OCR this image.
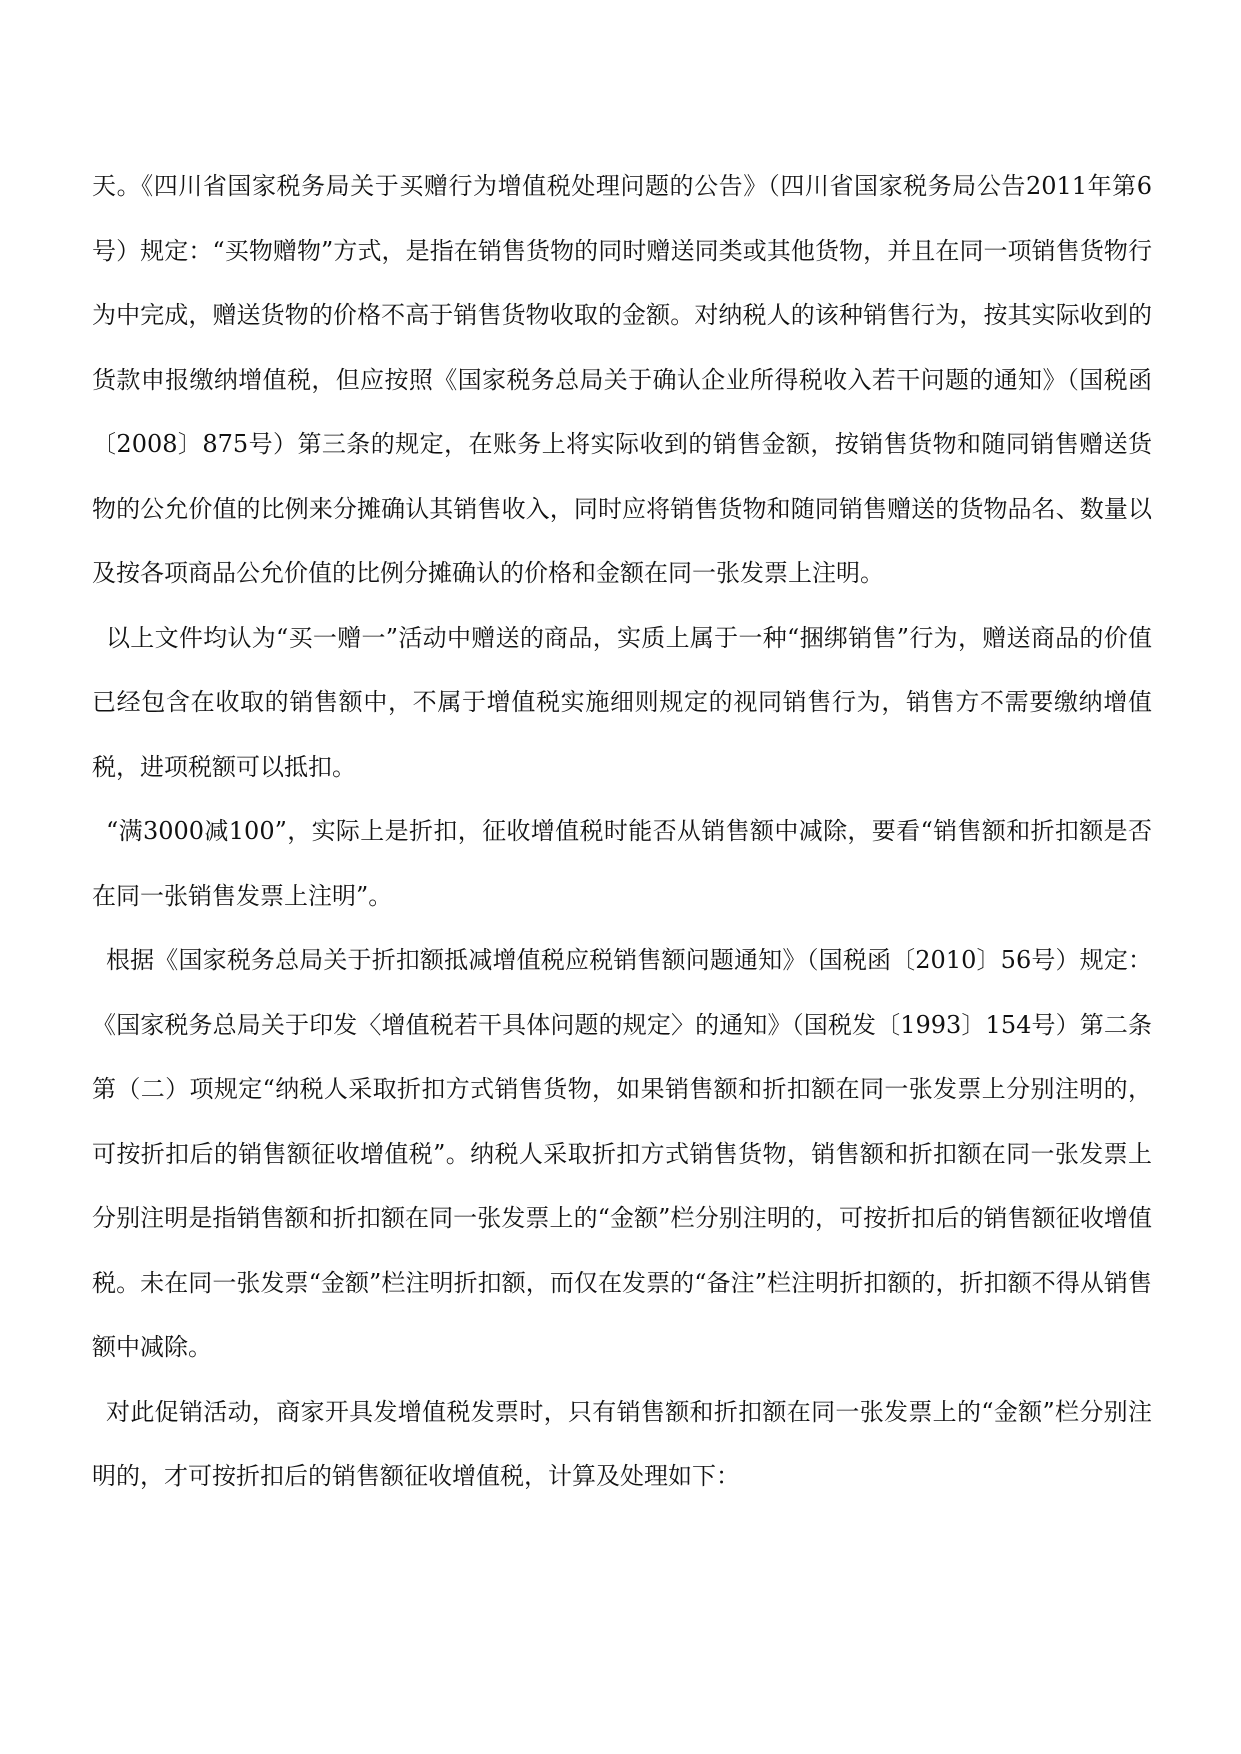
天。《四川省国家税务局关于买赠行为增值税处理问题的公告》（四川省国家税务局公告2011年第6号）规定：“买物赠物”方式，是指在销售货物的同时赠送同类或其他货物，并且在同一项销售货物行为中完成，赠送货物的价格不高于销售货物收取的金额。对纳税人的该种销售行为，按其实际收到的货款申报缴纳增值税，但应按照《国家税务总局关于确认企业所得税收入若干问题的通知》（国税函〔2008〕875号）第三条的规定，在账务上将实际收到的销售金额，按销售货物和随同销售赠送货物的公允价值的比例来分摊确认其销售收入，同时应将销售货物和随同销售赠送的货物品名、数量以及按各项商品公允价值的比例分摊确认的价格和金额在同一张发票上注明。

以上文件均认为“买一赠一”活动中赠送的商品，实质上属于一种“捆绑销售”行为，赠送商品的价值已经包含在收取的销售额中，不属于增值税实施细则规定的视同销售行为，销售方不需要缴纳增值税，进项税额可以抵扣。

“满3000减100”，实际上是折扣，征收增值税时能否从销售额中减除，要看“销售额和折扣额是否在同一张销售发票上注明”。

根据《国家税务总局关于折扣额抵减增值税应税销售额问题通知》（国税函〔2010〕56号）规定：《国家税务总局关于印发〈增值税若干具体问题的规定〉的通知》（国税发〔1993〕154号）第二条第（二）项规定“纳税人采取折扣方式销售货物，如果销售额和折扣额在同一张发票上分别注明的，可按折扣后的销售额征收增值税”。纳税人采取折扣方式销售货物，销售额和折扣额在同一张发票上分别注明是指销售额和折扣额在同一张发票上的“金额”栏分别注明的，可按折扣后的销售额征收增值税。未在同一张发票“金额”栏注明折扣额，而仅在发票的“备注”栏注明折扣额的，折扣额不得从销售额中减除。

对此促销活动，商家开具发增值税发票时，只有销售额和折扣额在同一张发票上的“金额”栏分别注明的，才可按折扣后的销售额征收增值税，计算及处理如下：
